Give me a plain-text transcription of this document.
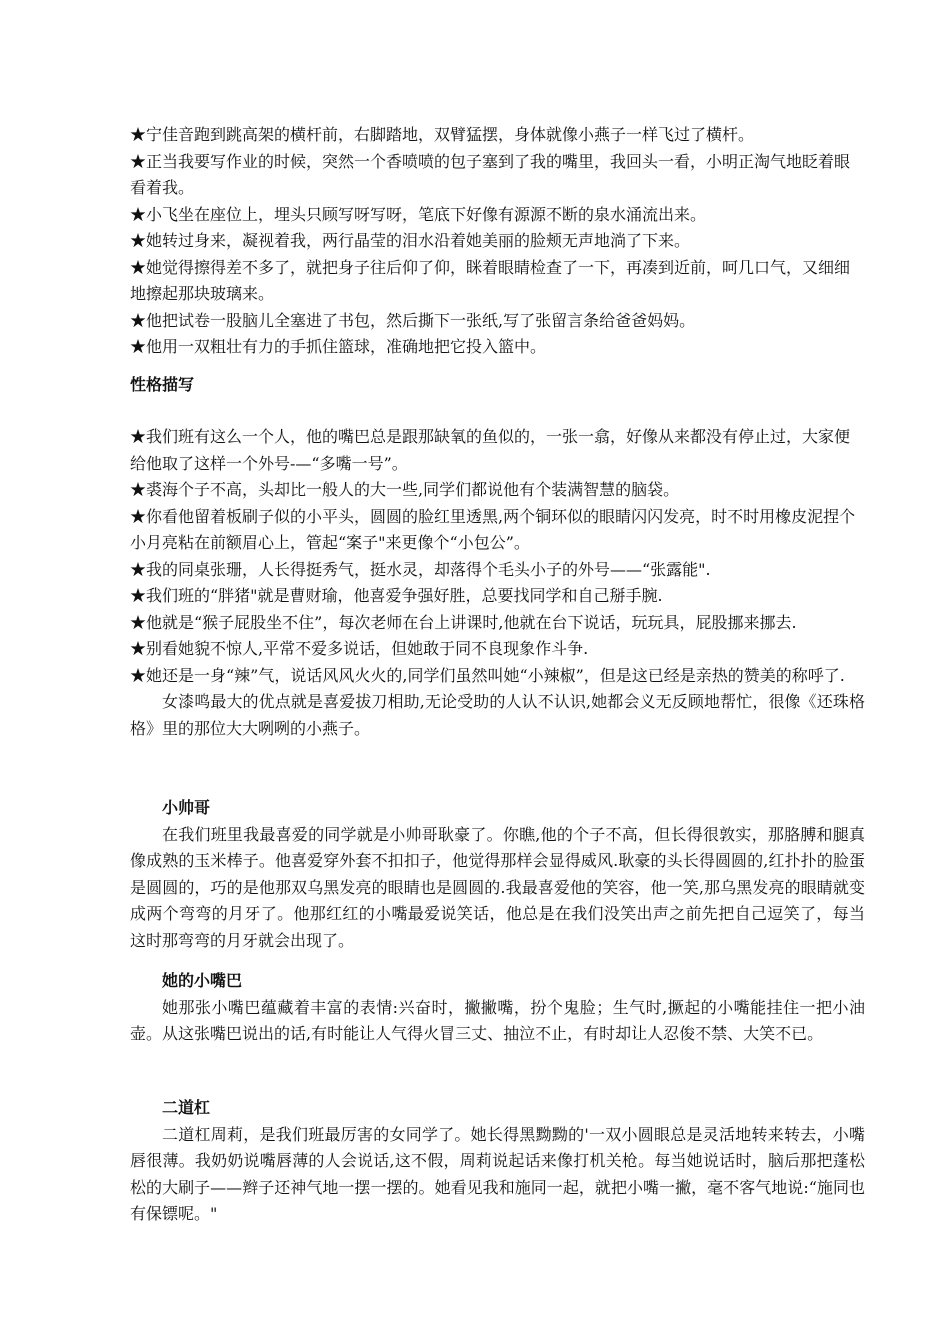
★宁佳音跑到跳高架的横杆前，右脚踏地，双臂猛摆，身体就像小燕子一样飞过了横杆。

★正当我要写作业的时候，突然一个香喷喷的包子塞到了我的嘴里，我回头一看，小明正淘气地眨着眼看着我。

★小飞坐在座位上，埋头只顾写呀写呀，笔底下好像有源源不断的泉水涌流出来。

★她转过身来，凝视着我，两行晶莹的泪水沿着她美丽的脸颊无声地淌了下来。

★她觉得擦得差不多了，就把身子往后仰了仰，眯着眼睛检查了一下，再凑到近前，呵几口气，又细细地擦起那块玻璃来。

★他把试卷一股脑儿全塞进了书包，然后撕下一张纸,写了张留言条给爸爸妈妈。

★他用一双粗壮有力的手抓住篮球，准确地把它投入篮中。

性格描写

★我们班有这么一个人，他的嘴巴总是跟那缺氧的鱼似的，一张一翕，好像从来都没有停止过，大家便给他取了这样一个外号-—“多嘴一号”。

★裘海个子不高，头却比一般人的大一些,同学们都说他有个装满智慧的脑袋。

★你看他留着板刷子似的小平头，圆圆的脸红里透黑,两个铜环似的眼睛闪闪发亮，时不时用橡皮泥捏个小月亮粘在前额眉心上，管起“案子"来更像个“小包公”。

★我的同桌张珊，人长得挺秀气，挺水灵，却落得个毛头小子的外号——“张露能".

★我们班的“胖猪"就是曹财瑜，他喜爱争强好胜，总要找同学和自己掰手腕.

★他就是“猴子屁股坐不住”，每次老师在台上讲课时,他就在台下说话，玩玩具，屁股挪来挪去.

★别看她貌不惊人,平常不爱多说话，但她敢于同不良现象作斗争.

★她还是一身“辣”气，说话风风火火的,同学们虽然叫她“小辣椒”，但是这已经是亲热的赞美的称呼了.

女漆鸣最大的优点就是喜爱拔刀相助,无论受助的人认不认识,她都会义无反顾地帮忙，很像《还珠格格》里的那位大大咧咧的小燕子。

小帅哥

在我们班里我最喜爱的同学就是小帅哥耿豪了。你瞧,他的个子不高，但长得很敦实，那胳膊和腿真像成熟的玉米棒子。他喜爱穿外套不扣扣子，他觉得那样会显得威风.耿豪的头长得圆圆的,红扑扑的脸蛋是圆圆的，巧的是他那双乌黑发亮的眼睛也是圆圆的.我最喜爱他的笑容，他一笑,那乌黑发亮的眼睛就变成两个弯弯的月牙了。他那红红的小嘴最爱说笑话，他总是在我们没笑出声之前先把自己逗笑了，每当这时那弯弯的月牙就会出现了。

她的小嘴巴

她那张小嘴巴蕴藏着丰富的表情:兴奋时，撇撇嘴，扮个鬼脸；生气时,撅起的小嘴能挂住一把小油壶。从这张嘴巴说出的话,有时能让人气得火冒三丈、抽泣不止，有时却让人忍俊不禁、大笑不已。

二道杠

二道杠周莉，是我们班最厉害的女同学了。她长得黑黝黝的'一双小圆眼总是灵活地转来转去，小嘴唇很薄。我奶奶说嘴唇薄的人会说话,这不假，周莉说起话来像打机关枪。每当她说话时，脑后那把蓬松松的大刷子——辫子还神气地一摆一摆的。她看见我和施同一起，就把小嘴一撇，毫不客气地说:“施同也有保镖呢。"
